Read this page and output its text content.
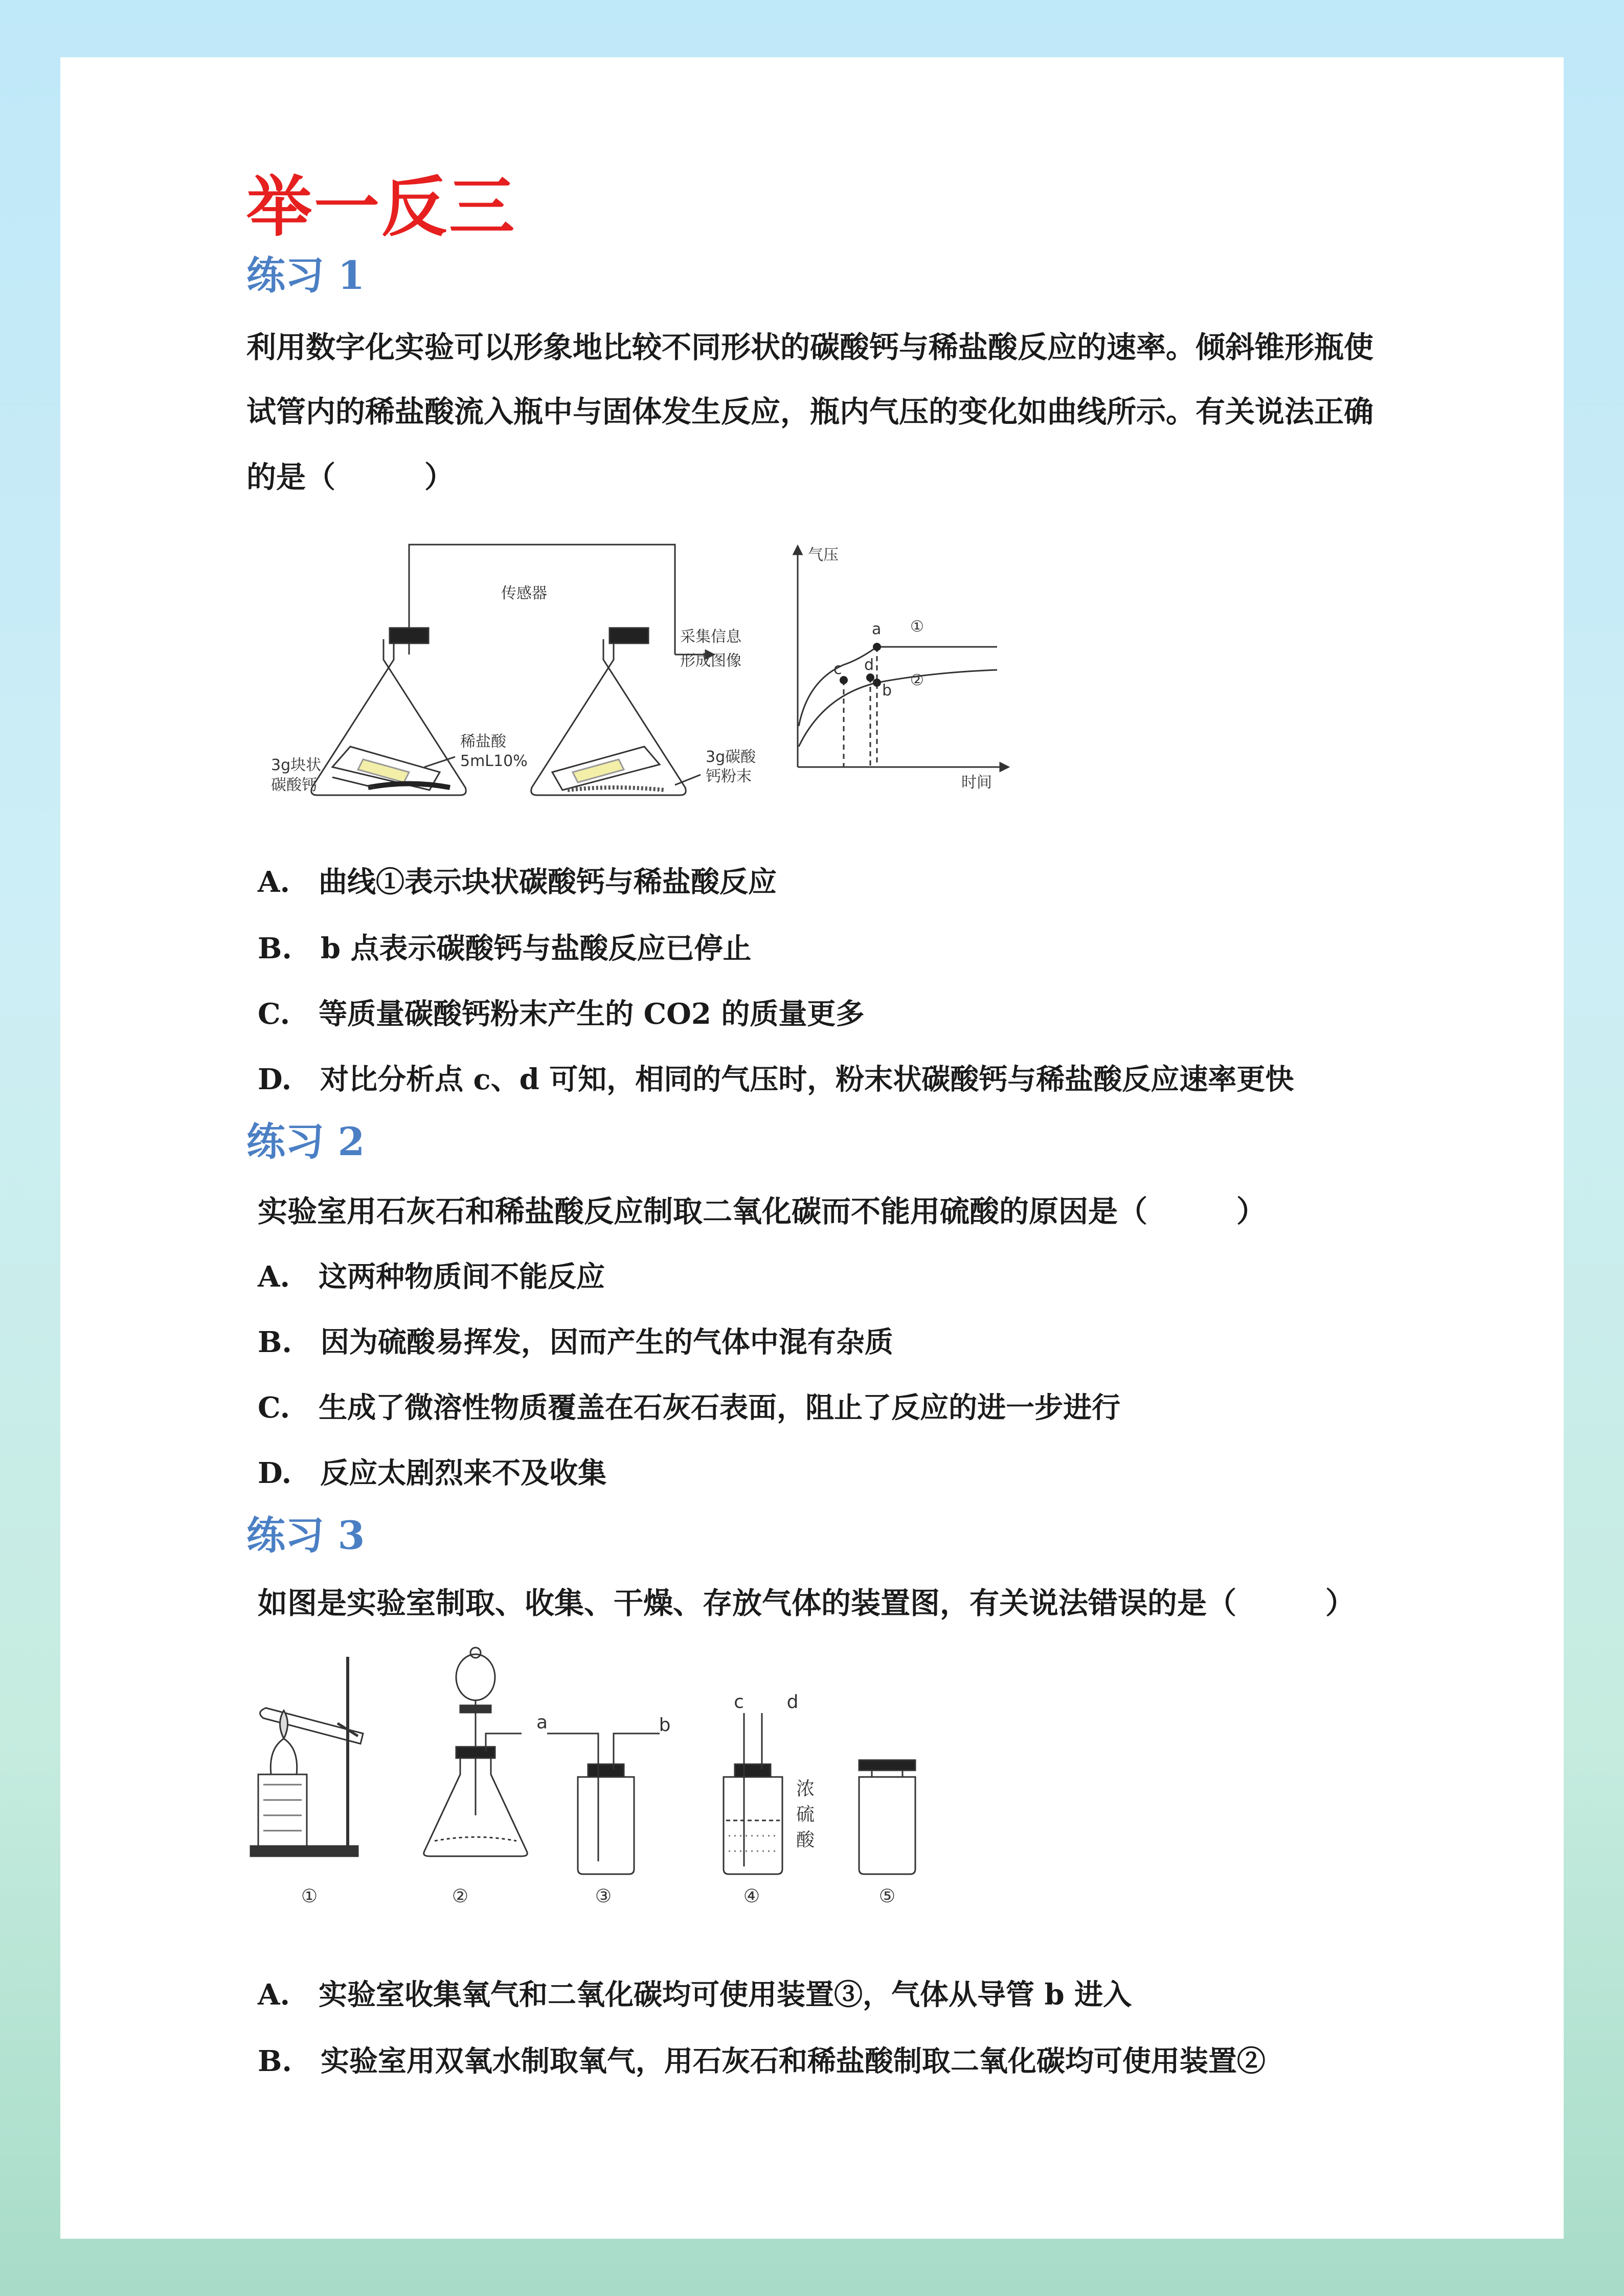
举一反三
练习 1
利用数字化实验可以形象地比较不同形状的碳酸钙与稀盐酸反应的速率。倾斜锥形瓶使
试管内的稀盐酸流入瓶中与固体发生反应，瓶内气压的变化如曲线所示。有关说法正确
的是（　　　）
传感器
采集信息
形成图像
稀盐酸
5mL10%
3g块状
碳酸钙
3g碳酸
钙粉末
气压
时间
①
②
a
b
c d
A.　曲线①表示块状碳酸钙与稀盐酸反应
B.　b 点表示碳酸钙与盐酸反应已停止
C.　等质量碳酸钙粉末产生的 CO2 的质量更多
D.　对比分析点 c、d 可知，相同的气压时，粉末状碳酸钙与稀盐酸反应速率更快
练习 2
实验室用石灰石和稀盐酸反应制取二氧化碳而不能用硫酸的原因是（　　　）
A.　这两种物质间不能反应
B.　因为硫酸易挥发，因而产生的气体中混有杂质
C.　生成了微溶性物质覆盖在石灰石表面，阻止了反应的进一步进行
D.　反应太剧烈来不及收集
练习 3
如图是实验室制取、收集、干燥、存放气体的装置图，有关说法错误的是（　　　）
①	②	③	④	⑤
a	b
c d
浓
硫
酸
A.　实验室收集氧气和二氧化碳均可使用装置③，气体从导管 b 进入
B.　实验室用双氧水制取氧气，用石灰石和稀盐酸制取二氧化碳均可使用装置②
